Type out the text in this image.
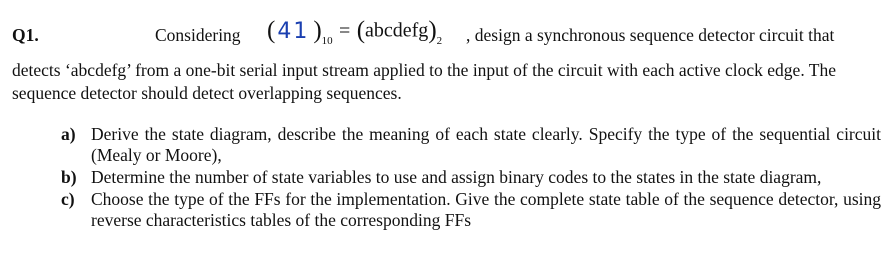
Q1.	Considering (41 )$_{10}$ = $(abcdefg)_2$ , design a synchronous sequence detector circuit that
detects ‘abcdefg’ from a one-bit serial input stream applied to the input of the circuit with each active clock edge. The sequence detector should detect overlapping sequences.
a) Derive the state diagram, describe the meaning of each state clearly. Specify the type of the sequential circuit (Mealy or Moore),
b) Determine the number of state variables to use and assign binary codes to the states in the state diagram,
c) Choose the type of the FFs for the implementation. Give the complete state table of the sequence detector, using reverse characteristics tables of the corresponding FFs
